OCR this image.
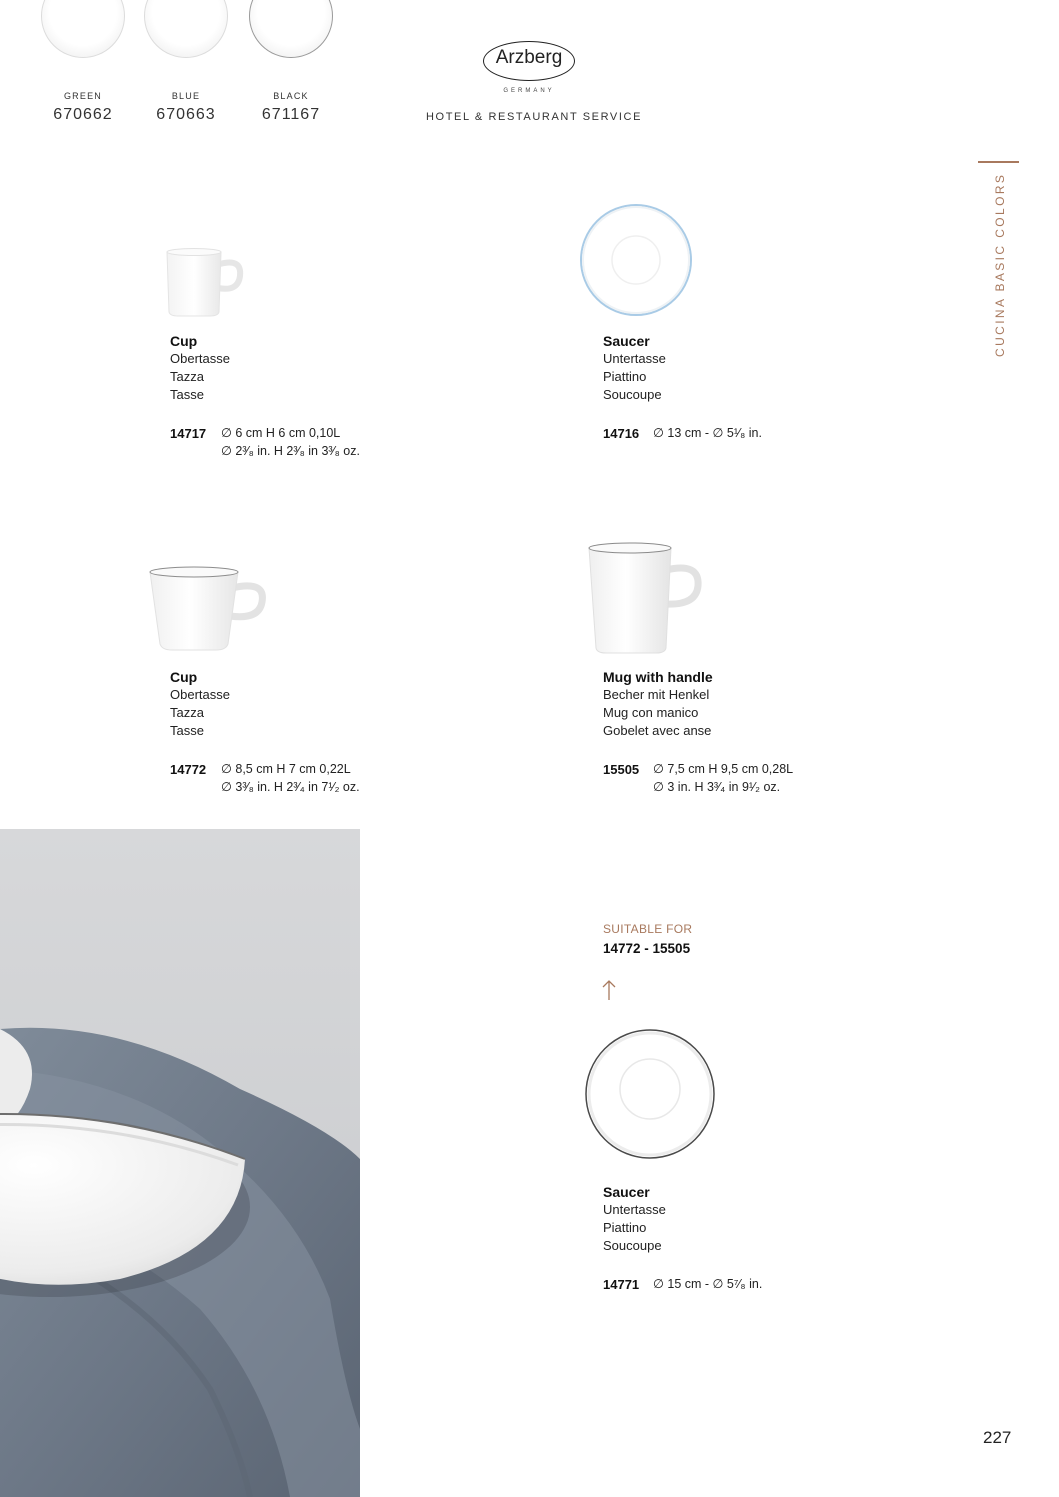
GREEN
670662
BLUE
670663
BLACK
671167
Arzberg
GERMANY
HOTEL & RESTAURANT SERVICE
CUCINA BASIC COLORS
Cup
Obertasse
Tazza
Tasse
14717 ∅ 6 cm H 6 cm 0,10L
∅ 2³⁄₈ in. H 2³⁄₈ in 3³⁄₈ oz.
Saucer
Untertasse
Piattino
Soucoupe
14716 ∅ 13 cm - ∅ 5¹⁄₈ in.
Cup
Obertasse
Tazza
Tasse
14772 ∅ 8,5 cm H 7 cm 0,22L
∅ 3³⁄₈ in. H 2³⁄₄ in 7¹⁄₂ oz.
Mug with handle
Becher mit Henkel
Mug con manico
Gobelet avec anse
15505 ∅ 7,5 cm H 9,5 cm 0,28L
∅ 3 in. H 3³⁄₄ in 9¹⁄₂ oz.
SUITABLE FOR
14772 - 15505
Saucer
Untertasse
Piattino
Soucoupe
14771 ∅ 15 cm - ∅ 5⁷⁄₈ in.
227
